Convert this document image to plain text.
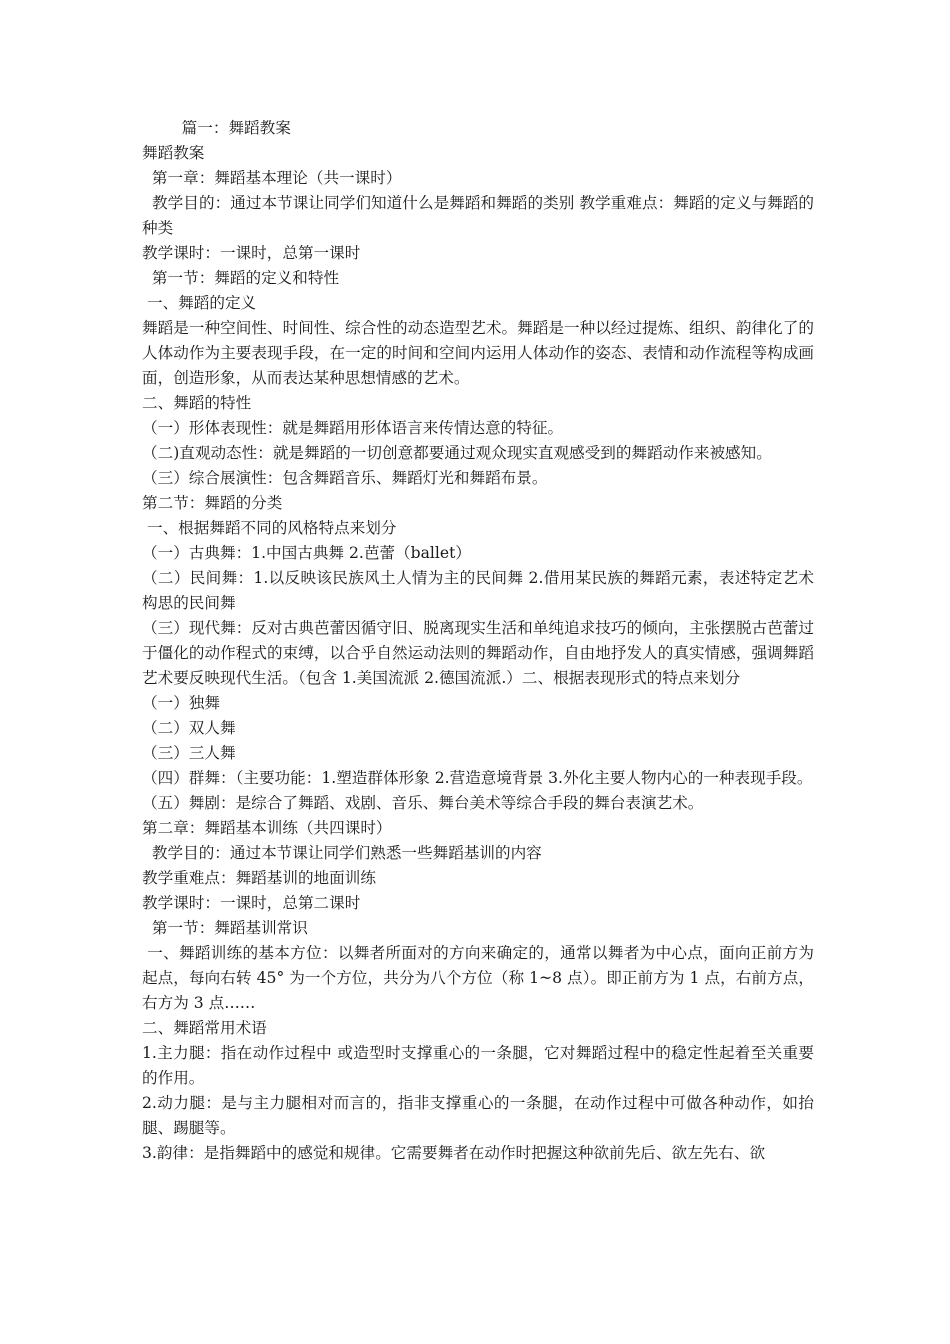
篇一：舞蹈教案

舞蹈教案

第一章：舞蹈基本理论（共一课时）

教学目的：通过本节课让同学们知道什么是舞蹈和舞蹈的类别 教学重难点：舞蹈的定义与舞蹈的种类

教学课时：一课时，总第一课时

第一节：舞蹈的定义和特性

一、舞蹈的定义

舞蹈是一种空间性、时间性、综合性的动态造型艺术。舞蹈是一种以经过提炼、组织、韵律化了的人体动作为主要表现手段，在一定的时间和空间内运用人体动作的姿态、表情和动作流程等构成画面，创造形象，从而表达某种思想情感的艺术。

二、舞蹈的特性

（一）形体表现性：就是舞蹈用形体语言来传情达意的特征。

（二)直观动态性：就是舞蹈的一切创意都要通过观众现实直观感受到的舞蹈动作来被感知。

（三）综合展演性：包含舞蹈音乐、舞蹈灯光和舞蹈布景。

第二节：舞蹈的分类

一、根据舞蹈不同的风格特点来划分

（一）古典舞：1.中国古典舞 2.芭蕾（ballet）

（二）民间舞：1.以反映该民族风土人情为主的民间舞 2.借用某民族的舞蹈元素，表述特定艺术构思的民间舞

（三）现代舞：反对古典芭蕾因循守旧、脱离现实生活和单纯追求技巧的倾向，主张摆脱古芭蕾过于僵化的动作程式的束缚，以合乎自然运动法则的舞蹈动作，自由地抒发人的真实情感，强调舞蹈艺术要反映现代生活。（包含 1.美国流派 2.德国流派.）二、根据表现形式的特点来划分

（一）独舞

（二）双人舞

（三）三人舞

（四）群舞：（主要功能：1.塑造群体形象 2.营造意境背景 3.外化主要人物内心的一种表现手段。

（五）舞剧：是综合了舞蹈、戏剧、音乐、舞台美术等综合手段的舞台表演艺术。

第二章：舞蹈基本训练（共四课时）

教学目的：通过本节课让同学们熟悉一些舞蹈基训的内容

教学重难点：舞蹈基训的地面训练

教学课时：一课时，总第二课时

第一节：舞蹈基训常识

一、舞蹈训练的基本方位：以舞者所面对的方向来确定的，通常以舞者为中心点，面向正前方为起点，每向右转 45° 为一个方位，共分为八个方位（称 1~8 点）。即正前方为 1 点，右前方点，右方为 3 点……

二、舞蹈常用术语

1.主力腿：指在动作过程中 或造型时支撑重心的一条腿，它对舞蹈过程中的稳定性起着至关重要的作用。

2.动力腿：是与主力腿相对而言的，指非支撑重心的一条腿，在动作过程中可做各种动作，如抬腿、踢腿等。

3.韵律：是指舞蹈中的感觉和规律。它需要舞者在动作时把握这种欲前先后、欲左先右、欲
